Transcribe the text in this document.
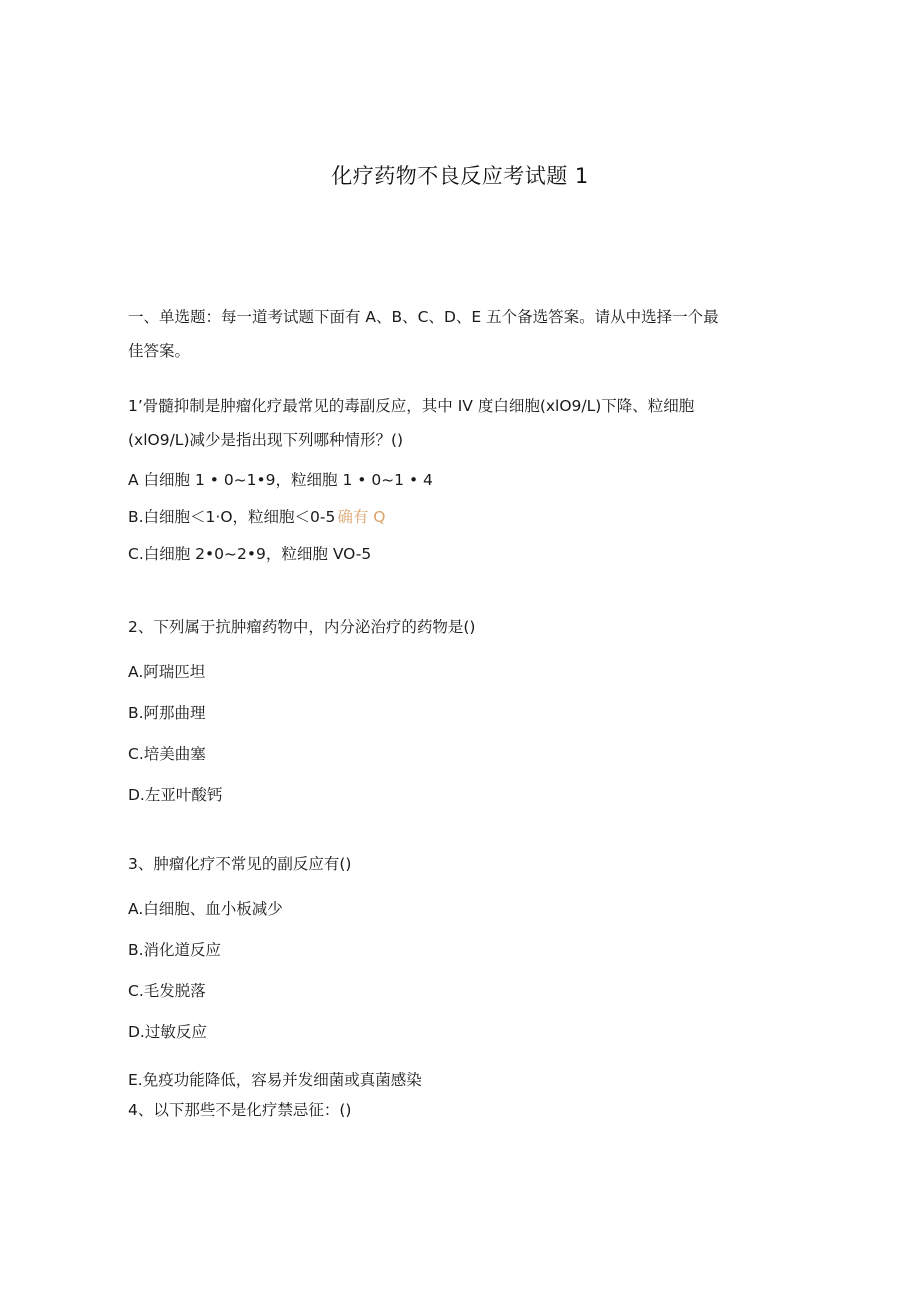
化疗药物不良反应考试题 1
一、单选题：每一道考试题下面有 A、B、C、D、E 五个备选答案。请从中选择一个最
佳答案。
1’骨髓抑制是肿瘤化疗最常见的毒副反应，其中 IV 度白细胞(xlO9∕L)下降、粒细胞
(xlO9∕L)减少是指出现下列哪种情形？()
A 白细胞 1 • 0~1•9，粒细胞 1 • 0~1 • 4
B.白细胞＜1·O，粒细胞＜0-5 确有 Q
C.白细胞 2•0~2•9，粒细胞 VO-5
2、下列属于抗肿瘤药物中，内分泌治疗的药物是()
A.阿瑞匹坦
B.阿那曲理
C.培美曲塞
D.左亚叶酸钙
3、肿瘤化疗不常见的副反应有()
A.白细胞、血小板减少
B.消化道反应
C.毛发脱落
D.过敏反应
E.免疫功能降低，容易并发细菌或真菌感染
4、以下那些不是化疗禁忌征：()
